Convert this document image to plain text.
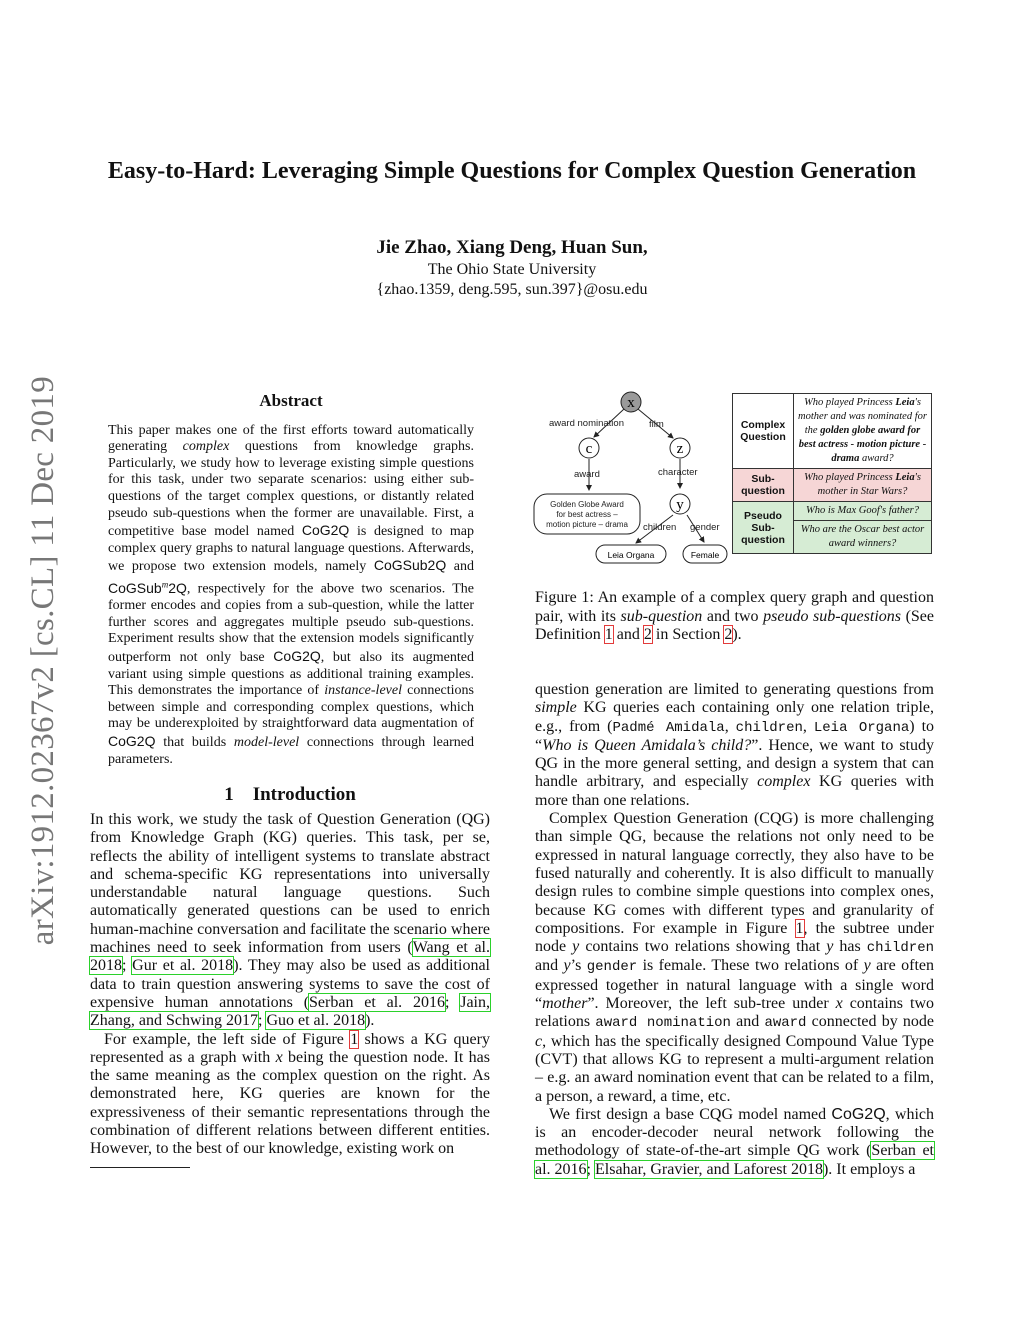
arXiv:1912.02367v2 [cs.CL] 11 Dec 2019
Easy-to-Hard: Leveraging Simple Questions for Complex Question Generation
Jie Zhao, Xiang Deng, Huan Sun,
The Ohio State University
{zhao.1359, deng.595, sun.397}@osu.edu
Abstract

This paper makes one of the first efforts toward automatically generating complex questions from knowledge graphs. Particularly, we study how to leverage existing simple questions for this task, under two separate scenarios: using either sub-questions of the target complex questions, or distantly related pseudo sub-questions when the former are unavailable. First, a competitive base model named CoG2Q is designed to map complex query graphs to natural language questions. Afterwards, we propose two extension models, namely CoGSub2Q and CoGSub$^m$2Q, respectively for the above two scenarios. The former encodes and copies from a sub-question, while the latter further scores and aggregates multiple pseudo sub-questions. Experiment results show that the extension models significantly outperform not only base CoG2Q, but also its augmented variant using simple questions as additional training examples. This demonstrates the importance of instance-level connections between simple and corresponding complex questions, which may be underexploited by straightforward data augmentation of CoG2Q that builds model-level connections through learned parameters.

1    Introduction

In this work, we study the task of Question Generation (QG) from Knowledge Graph (KG) queries. This task, per se, reflects the ability of intelligent systems to translate abstract and schema-specific KG representations into universally understandable natural language questions. Such automatically generated questions can be used to enrich human-machine conversation and facilitate the scenario where machines need to seek information from users (Wang et al. 2018; Gur et al. 2018). They may also be used as additional data to train question answering systems to save the cost of expensive human annotations (Serban et al. 2016; Jain, Zhang, and Schwing 2017; Guo et al. 2018).

For example, the left side of Figure 1 shows a KG query represented as a graph with x being the question node. It has the same meaning as the complex question on the right. As demonstrated here, KG queries are known for the expressiveness of their semantic representations through the combination of different relations between different entities. However, to the best of our knowledge, existing work on

x
c	z
y
award nomination	film
award	character
children gender
Golden Globe Award
for best actress –
motion picture – drama
Leia Organa	Female
Complex
Question	Who played Princess Leia's mother and was nominated for the golden globe award for best actress - motion picture - drama award?
Sub-
question	Who played Princess Leia's mother in Star Wars?
Pseudo
Sub-
question	Who is Max Goof's father?
	Who are the Oscar best actor award winners?
Figure 1: An example of a complex query graph and question pair, with its sub-question and two pseudo sub-questions (See Definition 1 and 2 in Section 2).

question generation are limited to generating questions from simple KG queries each containing only one relation triple, e.g., from (Padmé Amidala, children, Leia Organa) to “Who is Queen Amidala’s child?”. Hence, we want to study QG in the more general setting, and design a system that can handle arbitrary, and especially complex KG queries with more than one relations.

Complex Question Generation (CQG) is more challenging than simple QG, because the relations not only need to be expressed in natural language correctly, they also have to be fused naturally and coherently. It is also difficult to manually design rules to combine simple questions into complex ones, because KG comes with different types and granularity of compositions. For example in Figure 1, the subtree under node y contains two relations showing that y has children and y’s gender is female. These two relations of y are often expressed together in natural language with a single word “mother”. Moreover, the left sub-tree under x contains two relations award nomination and award connected by node c, which has the specifically designed Compound Value Type (CVT) that allows KG to represent a multi-argument relation – e.g. an award nomination event that can be related to a film, a person, a reward, a time, etc.

We first design a base CQG model named CoG2Q, which is an encoder-decoder neural network following the methodology of state-of-the-art simple QG work (Serban et al. 2016; Elsahar, Gravier, and Laforest 2018). It employs a
